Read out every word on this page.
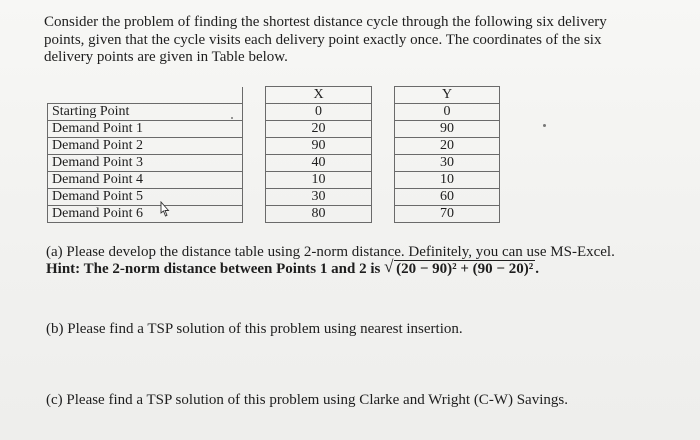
Consider the problem of finding the shortest distance cycle through the following six delivery points, given that the cycle visits each delivery point exactly once. The coordinates of the six delivery points are given in Table below.
		X		Y
Starting Point		0		0
Demand Point 1		20		90
Demand Point 2		90		20
Demand Point 3		40		30
Demand Point 4		10		10
Demand Point 5		30		60
Demand Point 6		80		70
(a) Please develop the distance table using 2-norm distance. Definitely, you can use MS-Excel.
Hint: The 2-norm distance between Points 1 and 2 is √ (20 − 90)² + (90 − 20)² .
(b) Please find a TSP solution of this problem using nearest insertion.
(c) Please find a TSP solution of this problem using Clarke and Wright (C-W) Savings.
